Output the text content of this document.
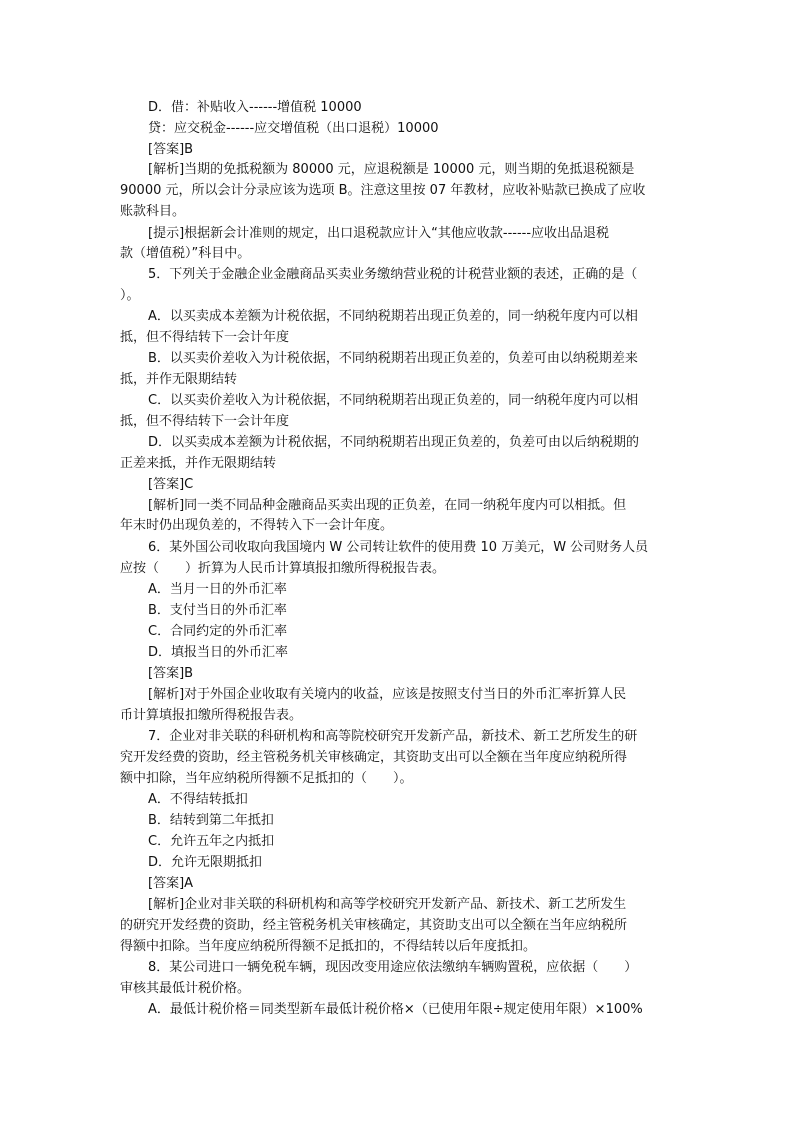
D．借：补贴收入------增值税 10000
贷：应交税金------应交增值税（出口退税）10000
[答案]B
[解析]当期的免抵税额为 80000 元，应退税额是 10000 元，则当期的免抵退税额是
90000 元，所以会计分录应该为选项 B。注意这里按 07 年教材，应收补贴款已换成了应收
账款科目。
[提示]根据新会计准则的规定，出口退税款应计入“其他应收款------应收出品退税
款（增值税）”科目中。
5．下列关于金融企业金融商品买卖业务缴纳营业税的计税营业额的表述，正确的是（
）。
A．以买卖成本差额为计税依据，不同纳税期若出现正负差的，同一纳税年度内可以相
抵，但不得结转下一会计年度
B．以买卖价差收入为计税依据，不同纳税期若出现正负差的，负差可由以纳税期差来
抵，并作无限期结转
C．以买卖价差收入为计税依据，不同纳税期若出现正负差的，同一纳税年度内可以相
抵，但不得结转下一会计年度
D．以买卖成本差额为计税依据，不同纳税期若出现正负差的，负差可由以后纳税期的
正差来抵，并作无限期结转
[答案]C
[解析]同一类不同品种金融商品买卖出现的正负差，在同一纳税年度内可以相抵。但
年末时仍出现负差的，不得转入下一会计年度。
6．某外国公司收取向我国境内 W 公司转让软件的使用费 10 万美元，W 公司财务人员
应按（　　）折算为人民币计算填报扣缴所得税报告表。
A．当月一日的外币汇率
B．支付当日的外币汇率
C．合同约定的外币汇率
D．填报当日的外币汇率
[答案]B
[解析]对于外国企业收取有关境内的收益，应该是按照支付当日的外币汇率折算人民
币计算填报扣缴所得税报告表。
7．企业对非关联的科研机构和高等院校研究开发新产品，新技术、新工艺所发生的研
究开发经费的资助，经主管税务机关审核确定，其资助支出可以全额在当年度应纳税所得
额中扣除，当年应纳税所得额不足抵扣的（　　）。
A．不得结转抵扣
B．结转到第二年抵扣
C．允许五年之内抵扣
D．允许无限期抵扣
[答案]A
[解析]企业对非关联的科研机构和高等学校研究开发新产品、新技术、新工艺所发生
的研究开发经费的资助，经主管税务机关审核确定，其资助支出可以全额在当年应纳税所
得额中扣除。当年度应纳税所得额不足抵扣的，不得结转以后年度抵扣。
8．某公司进口一辆免税车辆，现因改变用途应依法缴纳车辆购置税，应依据（　　）
审核其最低计税价格。
A．最低计税价格＝同类型新车最低计税价格×（已使用年限÷规定使用年限）×100%
